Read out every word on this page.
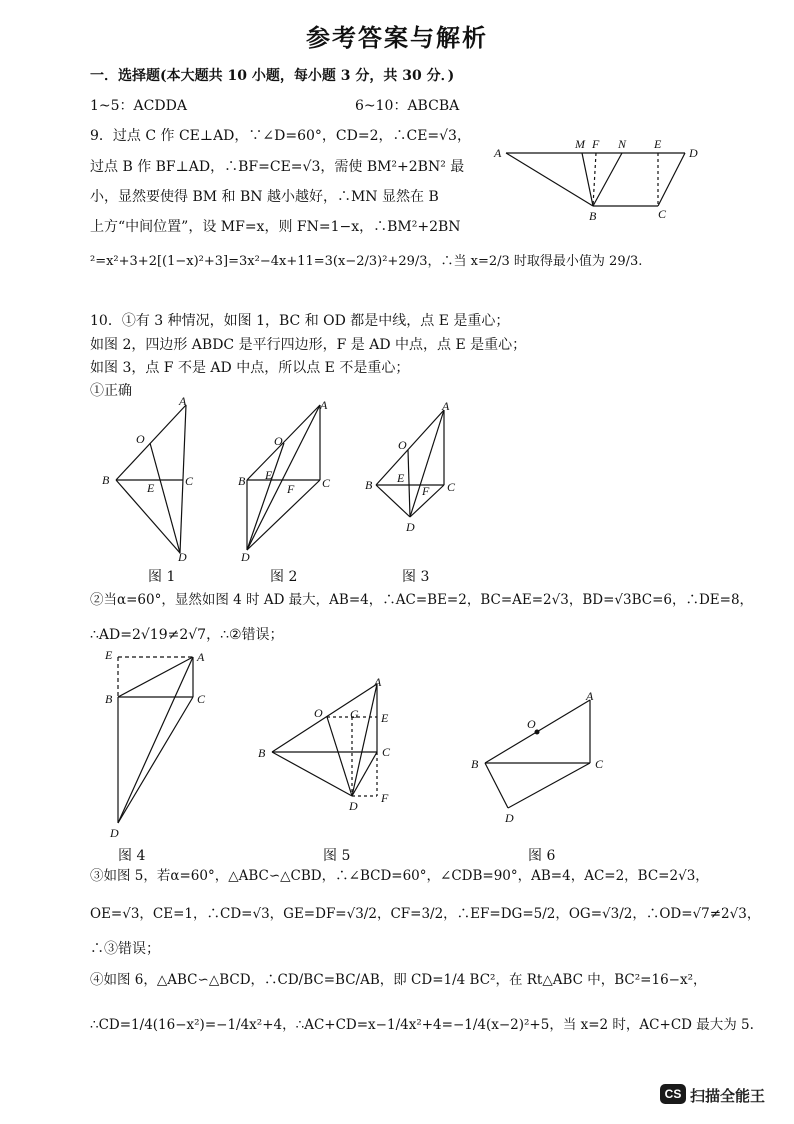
参考答案与解析
一．选择题(本大题共 10 小题，每小题 3 分，共 30 分．)
1~5：ACDDA	6~10：ABCBA
9．过点 C 作 CE⊥AD，∵∠D=60°，CD=2，∴CE=√3，
过点 B 作 BF⊥AD，∴BF=CE=√3，需使 BM²+2BN² 最
小，显然要使得 BM 和 BN 越小越好，∴MN 显然在 B
上方“中间位置”，设 MF=x，则 FN=1−x，∴BM²+2BN
²=x²+3+2[(1−x)²+3]=3x²−4x+11=3(x−2/3)²+29/3，∴当 x=2/3 时取得最小值为 29/3.
A
M F N E
D
B	C
10．①有 3 种情况，如图 1，BC 和 OD 都是中线，点 E 是重心；
如图 2，四边形 ABDC 是平行四边形，F 是 AD 中点，点 E 是重心；
如图 3，点 F 不是 AD 中点，所以点 E 不是重心；
①正确
A
O
B	C
E
D
A
O
B	C
E
F
D
A
O
B	C
E
F
D
图 1	图 2	图 3
②当α=60°，显然如图 4 时 AD 最大，AB=4，∴AC=BE=2，BC=AE=2√3，BD=√3BC=6，∴DE=8，
∴AD=2√19≠2√7，∴②错误；
E	A
B	C
D
A
O G E
B	C
D
F
A
O
B	C
D
图 4	图 5	图 6
③如图 5，若α=60°，△ABC∽△CBD，∴∠BCD=60°，∠CDB=90°，AB=4，AC=2，BC=2√3，
OE=√3，CE=1，∴CD=√3，GE=DF=√3/2，CF=3/2，∴EF=DG=5/2，OG=√3/2，∴OD=√7≠2√3，
∴③错误；
④如图 6，△ABC∽△BCD，∴CD/BC=BC/AB，即 CD=1/4 BC²，在 Rt△ABC 中，BC²=16−x²，
∴CD=1/4(16−x²)=−1/4x²+4，∴AC+CD=x−1/4x²+4=−1/4(x−2)²+5，当 x=2 时，AC+CD 最大为 5.
CS 扫描全能王
